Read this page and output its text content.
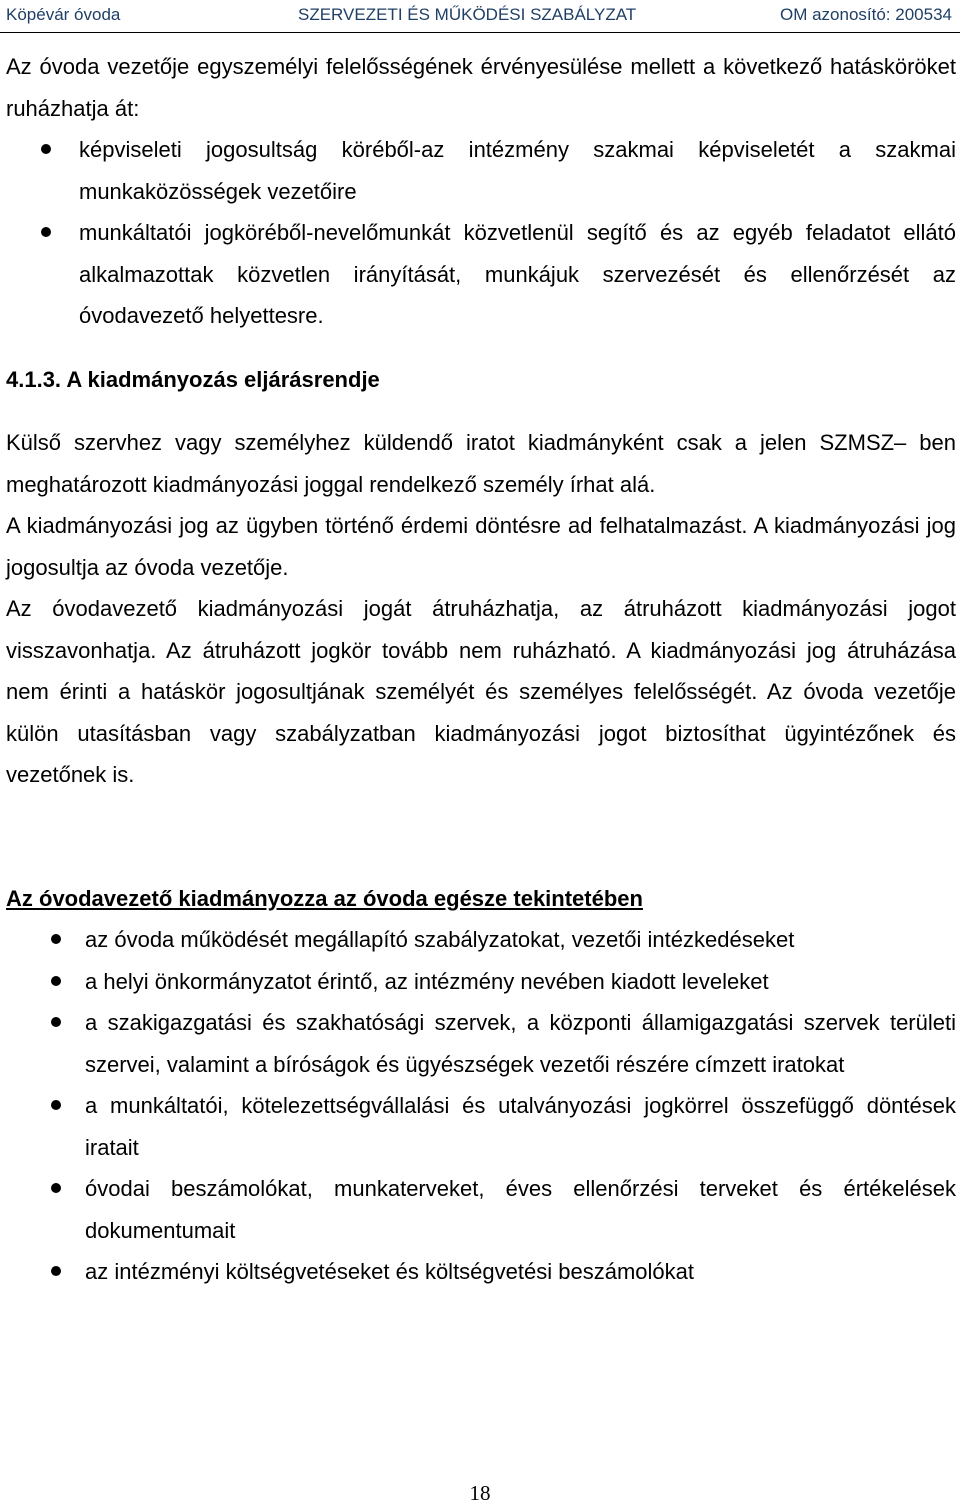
Köpévár óvoda	SZERVEZETI ÉS MŰKÖDÉSI SZABÁLYZAT	OM azonosító: 200534

Az óvoda vezetője egyszemélyi felelősségének érvényesülése mellett a következő hatásköröket ruházhatja át:

képviseleti jogosultság köréből-az intézmény szakmai képviseletét a szakmai munkaközösségek vezetőire
munkáltatói jogköréből-nevelőmunkát közvetlenül segítő és az egyéb feladatot ellátó alkalmazottak közvetlen irányítását, munkájuk szervezését és ellenőrzését az óvodavezető helyettesre.

4.1.3. A kiadmányozás eljárásrendje

Külső szervhez vagy személyhez küldendő iratot kiadmányként csak a jelen SZMSZ– ben meghatározott kiadmányozási joggal rendelkező személy írhat alá.

A kiadmányozási jog az ügyben történő érdemi döntésre ad felhatalmazást. A kiadmányozási jog jogosultja az óvoda vezetője.

Az óvodavezető kiadmányozási jogát átruházhatja, az átruházott kiadmányozási jogot visszavonhatja. Az átruházott jogkör tovább nem ruházható. A kiadmányozási jog átruházása nem érinti a hatáskör jogosultjának személyét és személyes felelősségét. Az óvoda vezetője külön utasításban vagy szabályzatban kiadmányozási jogot biztosíthat ügyintézőnek és vezetőnek is.

Az óvodavezető kiadmányozza az óvoda egésze tekintetében

az óvoda működését megállapító szabályzatokat, vezetői intézkedéseket
a helyi önkormányzatot érintő, az intézmény nevében kiadott leveleket
a szakigazgatási és szakhatósági szervek, a központi államigazgatási szervek területi szervei, valamint a bíróságok és ügyészségek vezetői részére címzett iratokat
a munkáltatói, kötelezettségvállalási és utalványozási jogkörrel összefüggő döntések iratait
óvodai beszámolókat, munkaterveket, éves ellenőrzési terveket és értékelések dokumentumait
az intézményi költségvetéseket és költségvetési beszámolókat
18
